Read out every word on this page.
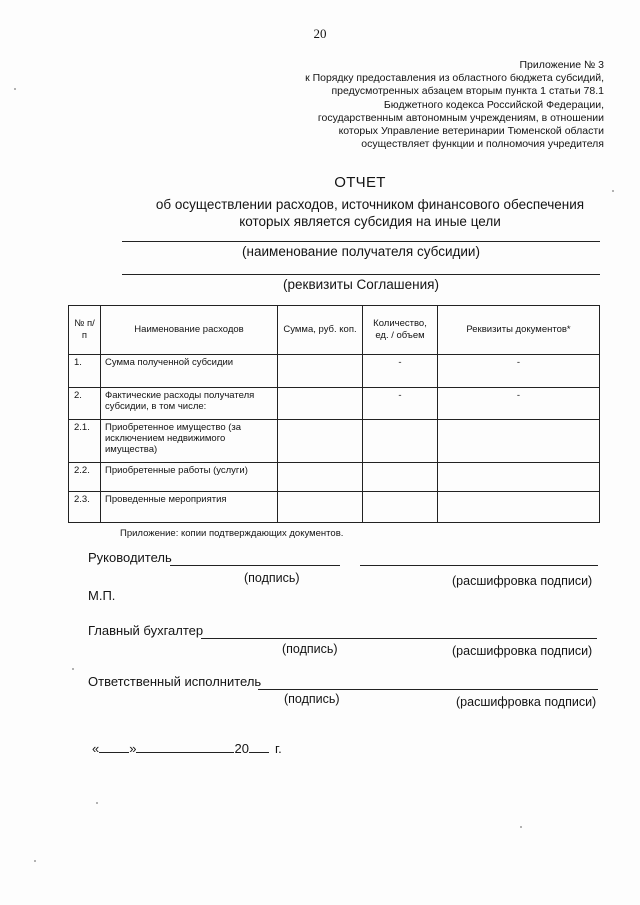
20
Приложение № 3
к Порядку предоставления из областного бюджета субсидий,
предусмотренных абзацем вторым пункта 1 статьи 78.1
Бюджетного кодекса Российской Федерации,
государственным автономным учреждениям, в отношении
которых Управление ветеринарии Тюменской области
осуществляет функции и полномочия учредителя
ОТЧЕТ
об осуществлении расходов, источником финансового обеспечения
которых является субсидия на иные цели
(наименование получателя субсидии)
(реквизиты Соглашения)
№ п/п	Наименование расходов	Сумма, руб. коп.	Количество, ед. / объем	Реквизиты документов*
1.	Сумма полученной субсидии		-	-
2.	Фактические расходы получателя субсидии, в том числе:		-	-
2.1.	Приобретенное имущество (за исключением недвижимого имущества)			
2.2.	Приобретенные работы (услуги)			
2.3.	Проведенные мероприятия			
Приложение: копии подтверждающих документов.
Руководитель
(подпись)	(расшифровка подписи)
М.П.
Главный бухгалтер
(подпись)	(расшифровка подписи)
Ответственный исполнитель
(подпись)	(расшифровка подписи)
« »	20 г.
